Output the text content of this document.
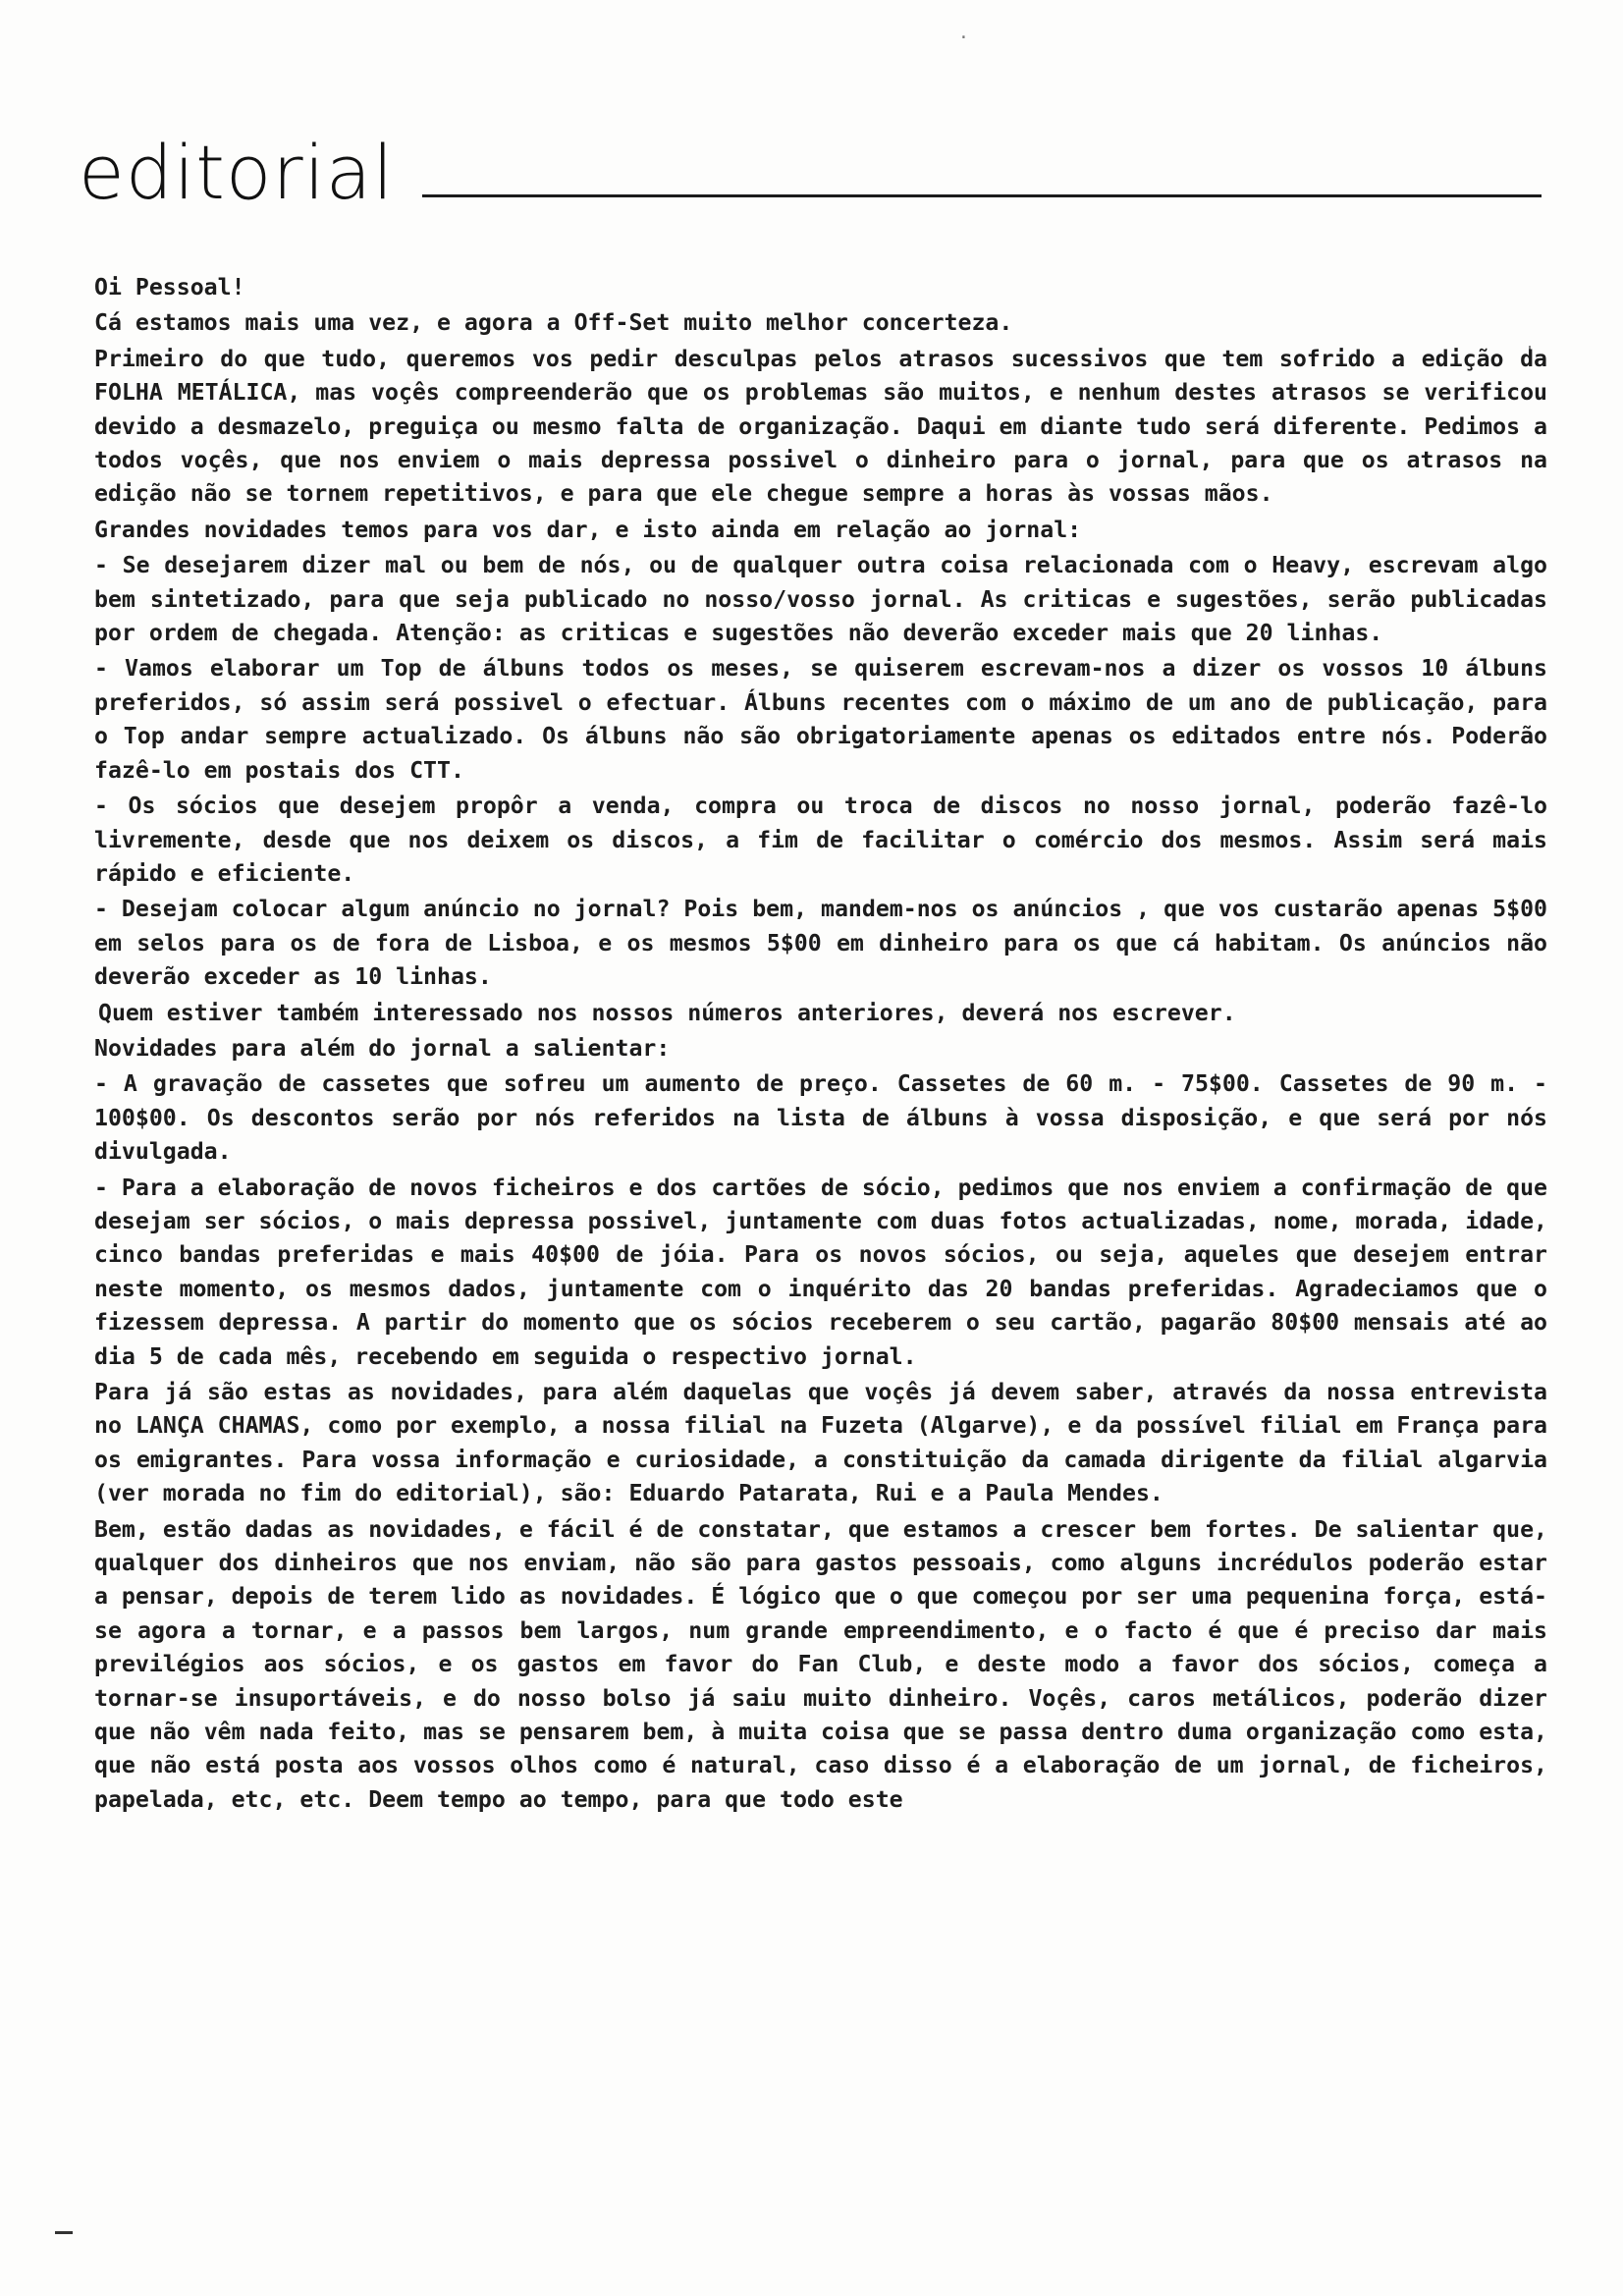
·
editorial

Oi Pessoal!

Cá estamos mais uma vez, e agora a Off-Set muito melhor concerteza.

Primeiro do que tudo, queremos vos pedir desculpas pelos atrasos sucessivos que tem sofrido a edição da FOLHA METÁLICA, mas voçês compreenderão que os problemas são muitos, e nenhum destes atrasos se verificou devido a desmazelo, preguiça ou mesmo falta de organização. Daqui em diante tudo será diferente. Pedimos a todos voçês, que nos enviem o mais depressa possivel o dinheiro para o jornal, para que os atrasos na edição não se tornem repetitivos, e para que ele chegue sempre a horas às vossas mãos.

Grandes novidades temos para vos dar, e isto ainda em relação ao jornal:

- Se desejarem dizer mal ou bem de nós, ou de qualquer outra coisa relacionada com o Heavy, escrevam algo bem sintetizado, para que seja publicado no nosso/vosso jornal. As criticas e sugestões, serão publicadas por ordem de chegada. Atenção: as criticas e sugestões não deverão exceder mais que 20 linhas.

- Vamos elaborar um Top de álbuns todos os meses, se quiserem escrevam-nos a dizer os vossos 10 álbuns preferidos, só assim será possivel o efectuar. Álbuns recentes com o máximo de um ano de publicação, para o Top andar sempre actualizado. Os álbuns não são obrigatoriamente apenas os editados entre nós. Poderão fazê-lo em postais dos CTT.

- Os sócios que desejem propôr a venda, compra ou troca de discos no nosso jornal, poderão fazê-lo livremente, desde que nos deixem os discos, a fim de facilitar o comércio dos mesmos. Assim será mais rápido e eficiente.

- Desejam colocar algum anúncio no jornal? Pois bem, mandem-nos os anúncios , que vos custarão apenas 5$00 em selos para os de fora de Lisboa, e os mesmos 5$00 em dinheiro para os que cá habitam. Os anúncios não deverão exceder as 10 linhas.

Quem estiver também interessado nos nossos números anteriores, deverá nos escrever.

Novidades para além do jornal a salientar:

- A gravação de cassetes que sofreu um aumento de preço. Cassetes de 60 m. - 75$00. Cassetes de 90 m. - 100$00. Os descontos serão por nós referidos na lista de álbuns à vossa disposição, e que será por nós divulgada.

- Para a elaboração de novos ficheiros e dos cartões de sócio, pedimos que nos enviem a confirmação de que desejam ser sócios, o mais depressa possivel, juntamente com duas fotos actualizadas, nome, morada, idade, cinco bandas preferidas e mais 40$00 de jóia. Para os novos sócios, ou seja, aqueles que desejem entrar neste momento, os mesmos dados, juntamente com o inquérito das 20 bandas preferidas. Agradeciamos que o fizessem depressa. A partir do momento que os sócios receberem o seu cartão, pagarão 80$00 mensais até ao dia 5 de cada mês, recebendo em seguida o respectivo jornal.

Para já são estas as novidades, para além daquelas que voçês já devem saber, através da nossa entrevista no LANÇA CHAMAS, como por exemplo, a nossa filial na Fuzeta (Algarve), e da possível filial em França para os emigrantes. Para vossa informação e curiosidade, a constituição da camada dirigente da filial algarvia (ver morada no fim do editorial), são: Eduardo Patarata, Rui e a Paula Mendes.

Bem, estão dadas as novidades, e fácil é de constatar, que estamos a crescer bem fortes. De salientar que, qualquer dos dinheiros que nos enviam, não são para gastos pessoais, como alguns incrédulos poderão estar a pensar, depois de terem lido as novidades. É lógico que o que começou por ser uma pequenina força, está-se agora a tornar, e a passos bem largos, num grande empreendimento, e o facto é que é preciso dar mais previlégios aos sócios, e os gastos em favor do Fan Club, e deste modo a favor dos sócios, começa a tornar-se insuportáveis, e do nosso bolso já saiu muito dinheiro. Voçês, caros metálicos, poderão dizer que não vêm nada feito, mas se pensarem bem, à muita coisa que se passa dentro duma organização como esta, que não está posta aos vossos olhos como é natural, caso disso é a elaboração de um jornal, de ficheiros, papelada, etc, etc. Deem tempo ao tempo, para que todo este
